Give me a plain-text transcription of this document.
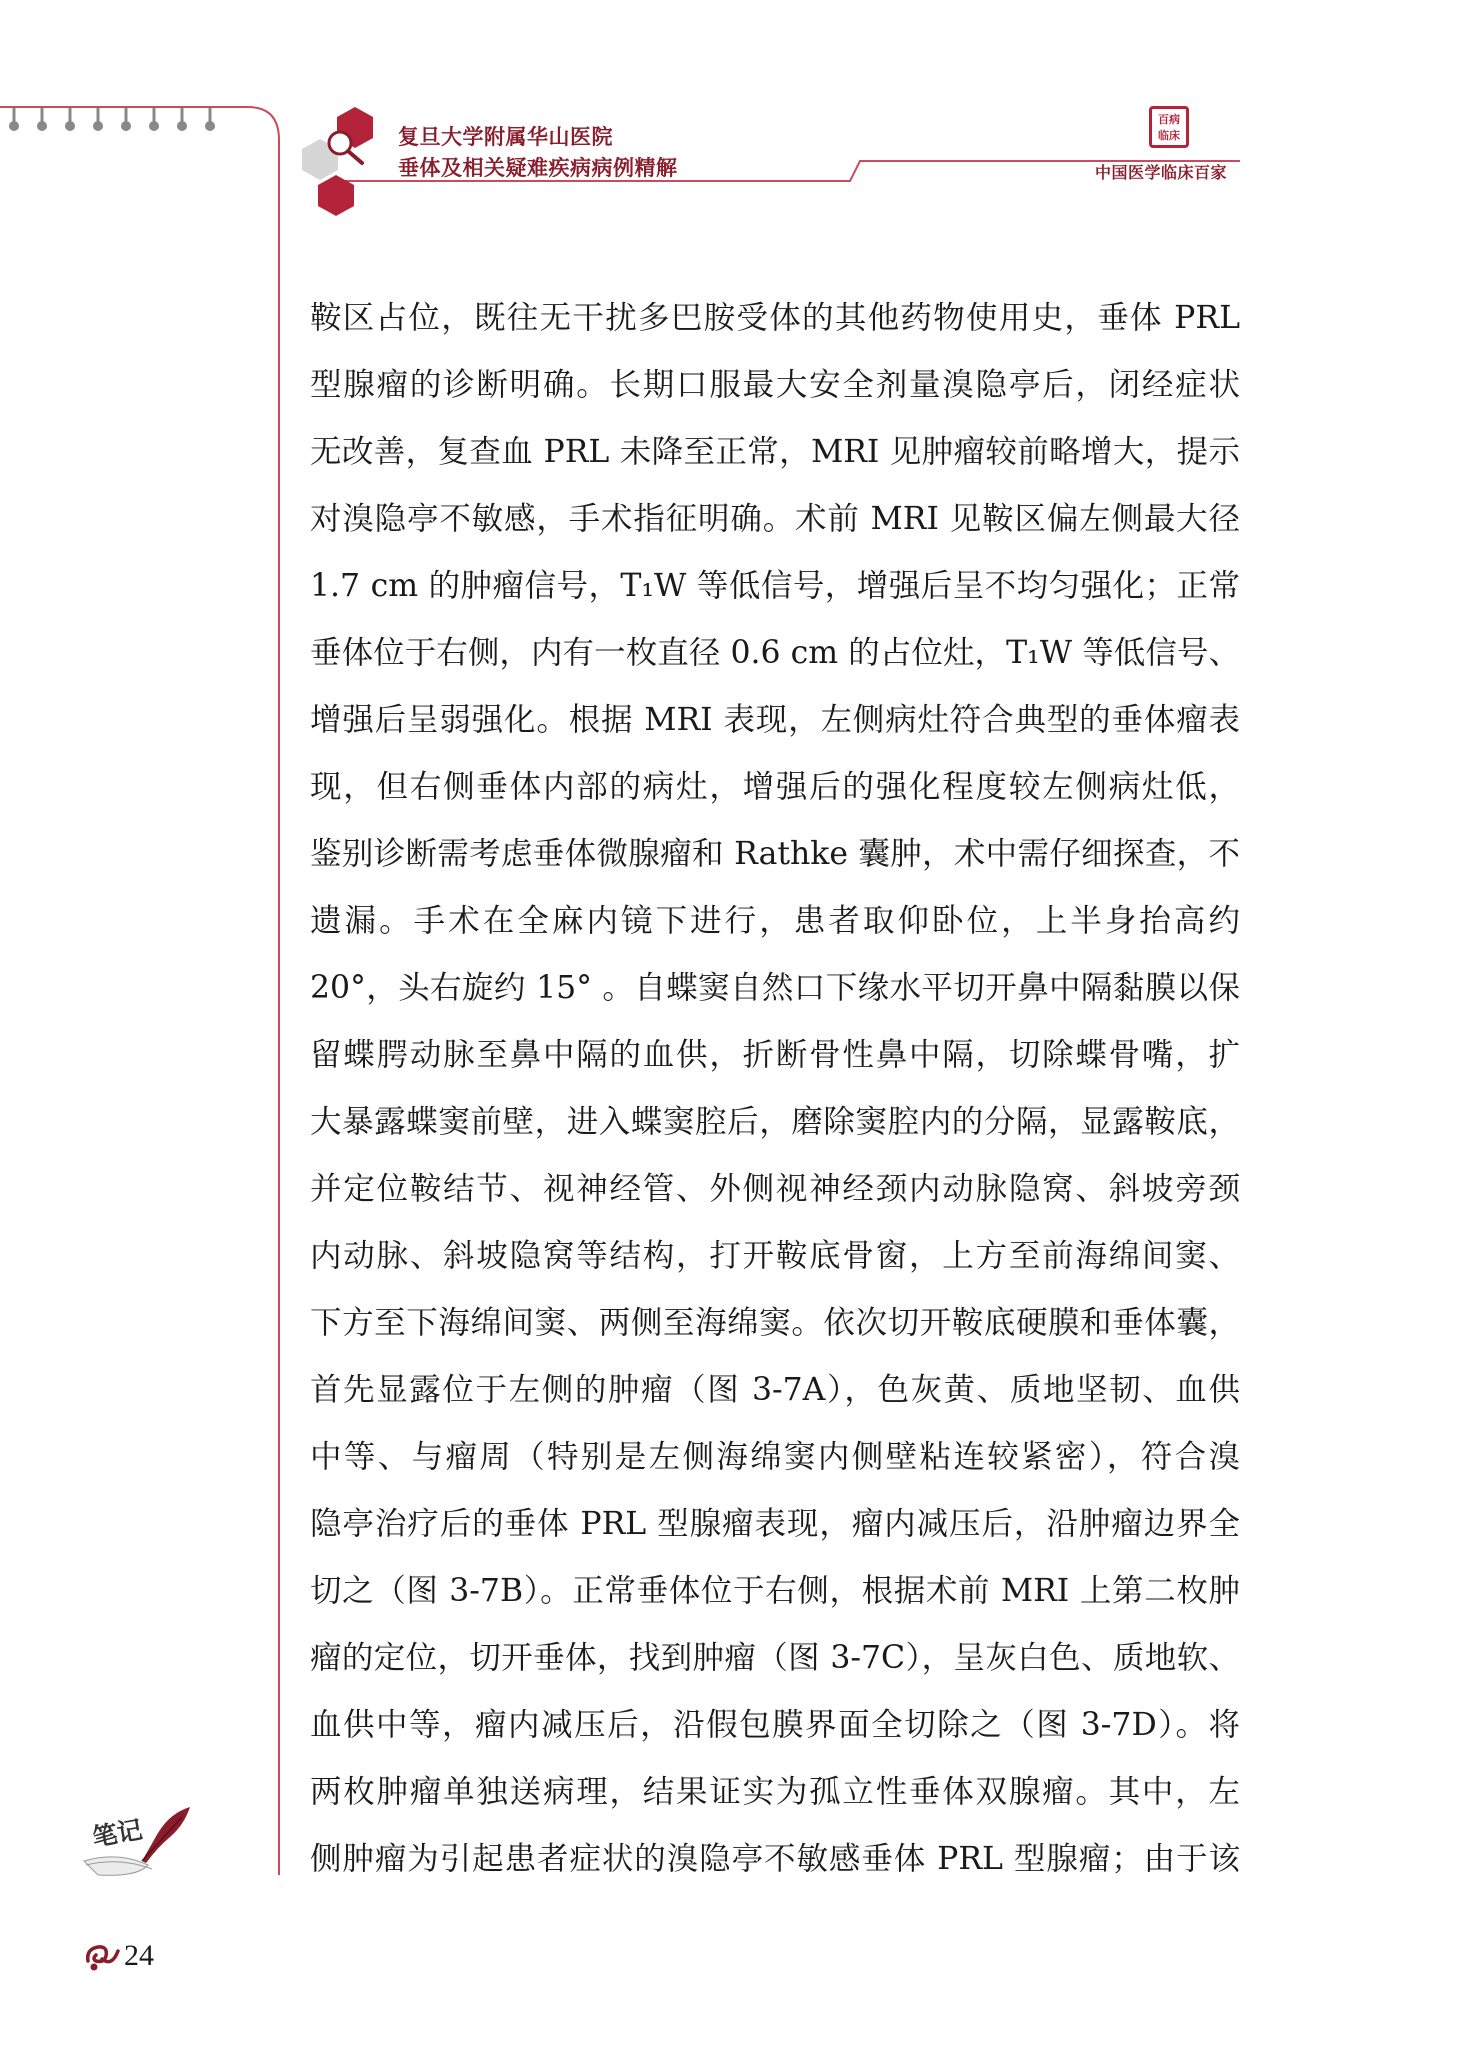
复旦大学附属华山医院
垂体及相关疑难疾病病例精解
百病
临床
中国医学临床百家
鞍区占位，既往无干扰多巴胺受体的其他药物使用史，垂体 PRL
型腺瘤的诊断明确。长期口服最大安全剂量溴隐亭后，闭经症状
无改善，复查血 PRL 未降至正常，MRI 见肿瘤较前略增大，提示
对溴隐亭不敏感，手术指征明确。术前 MRI 见鞍区偏左侧最大径
1.7 cm 的肿瘤信号，T₁W 等低信号，增强后呈不均匀强化；正常
垂体位于右侧，内有一枚直径 0.6 cm 的占位灶，T₁W 等低信号、
增强后呈弱强化。根据 MRI 表现，左侧病灶符合典型的垂体瘤表
现，但右侧垂体内部的病灶，增强后的强化程度较左侧病灶低，
鉴别诊断需考虑垂体微腺瘤和 Rathke 囊肿，术中需仔细探查，不
遗漏。手术在全麻内镜下进行，患者取仰卧位，上半身抬高约
20°，头右旋约 15° 。自蝶窦自然口下缘水平切开鼻中隔黏膜以保
留蝶腭动脉至鼻中隔的血供，折断骨性鼻中隔，切除蝶骨嘴，扩
大暴露蝶窦前壁，进入蝶窦腔后，磨除窦腔内的分隔，显露鞍底，
并定位鞍结节、视神经管、外侧视神经颈内动脉隐窝、斜坡旁颈
内动脉、斜坡隐窝等结构，打开鞍底骨窗，上方至前海绵间窦、
下方至下海绵间窦、两侧至海绵窦。依次切开鞍底硬膜和垂体囊，
首先显露位于左侧的肿瘤（图 3-7A），色灰黄、质地坚韧、血供
中等、与瘤周（特别是左侧海绵窦内侧壁粘连较紧密），符合溴
隐亭治疗后的垂体 PRL 型腺瘤表现，瘤内减压后，沿肿瘤边界全
切之（图 3-7B）。正常垂体位于右侧，根据术前 MRI 上第二枚肿
瘤的定位，切开垂体，找到肿瘤（图 3-7C），呈灰白色、质地软、
血供中等，瘤内减压后，沿假包膜界面全切除之（图 3-7D）。将
两枚肿瘤单独送病理，结果证实为孤立性垂体双腺瘤。其中，左
侧肿瘤为引起患者症状的溴隐亭不敏感垂体 PRL 型腺瘤；由于该
笔记
24
